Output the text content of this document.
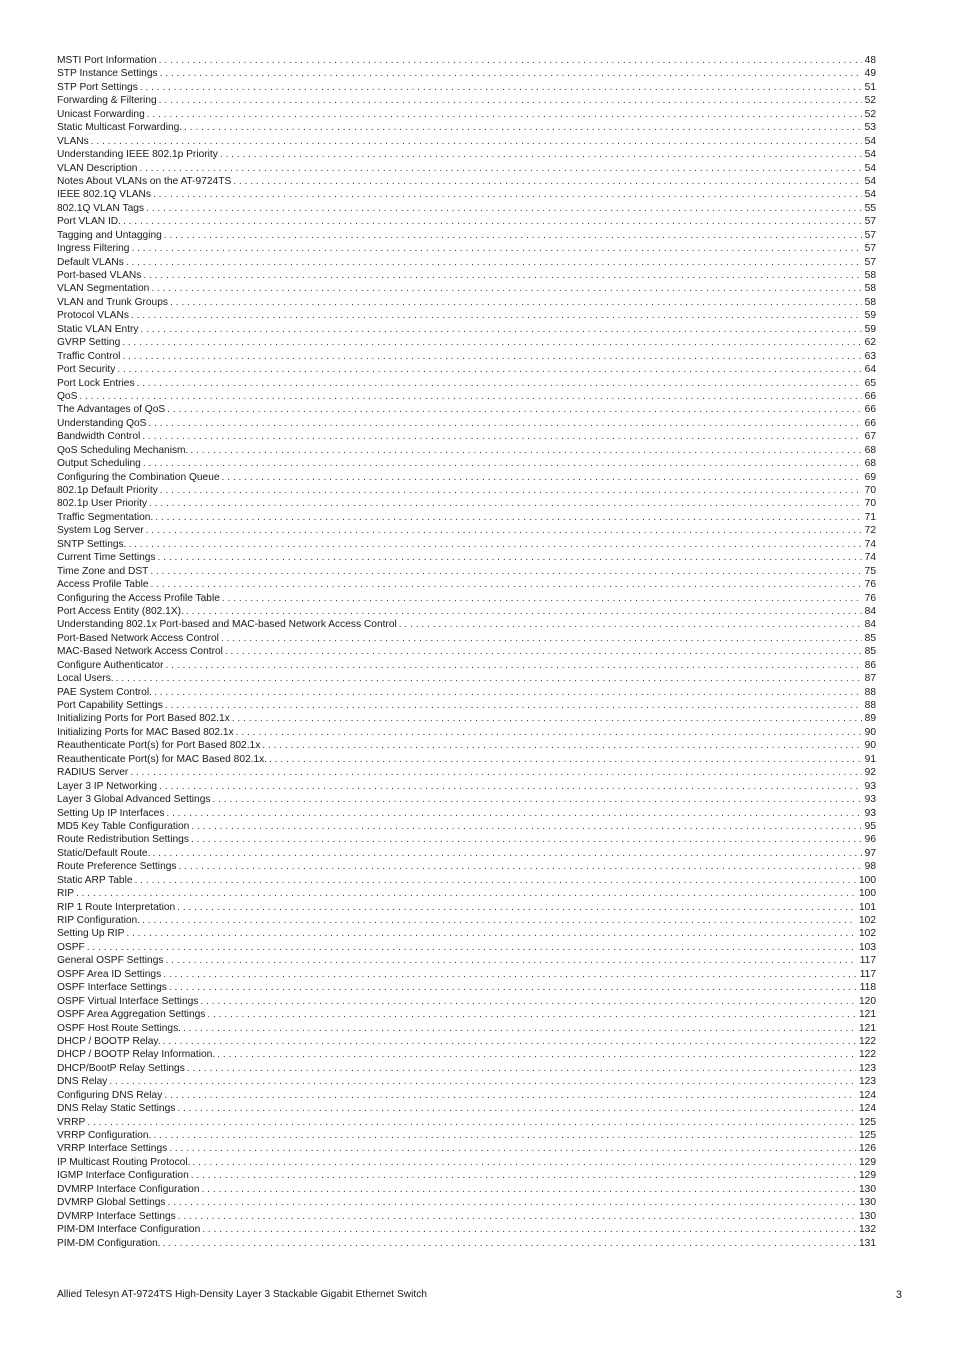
MSTI Port Information . . .	48
STP Instance Settings . . .	49
STP Port Settings . . .	51
Forwarding & Filtering . . .	52
Unicast Forwarding . . .	52
Static Multicast Forwarding. . . .	53
VLANs . . .	54
Understanding IEEE 802.1p Priority . . .	54
VLAN Description . . .	54
Notes About VLANs on the AT-9724TS . . .	54
IEEE 802.1Q VLANs . . .	54
802.1Q VLAN Tags . . .	55
Port VLAN ID. . . .	57
Tagging and Untagging . . .	57
Ingress Filtering . . .	57
Default VLANs . . .	57
Port-based VLANs . . .	58
VLAN Segmentation . . .	58
VLAN and Trunk Groups . . .	58
Protocol VLANs . . .	59
Static VLAN Entry . . .	59
GVRP Setting . . .	62
Traffic Control . . .	63
Port Security . . .	64
Port Lock Entries . . .	65
QoS . . .	66
The Advantages of QoS . . .	66
Understanding QoS . . .	66
Bandwidth Control . . .	67
QoS Scheduling Mechanism. . . .	68
Output Scheduling . . .	68
Configuring the Combination Queue . . .	69
802.1p Default Priority . . .	70
802.1p User Priority . . .	70
Traffic Segmentation. . . .	71
System Log Server . . .	72
SNTP Settings. . . .	74
Current Time Settings . . .	74
Time Zone and DST . . .	75
Access Profile Table . . .	76
Configuring the Access Profile Table . . .	76
Port Access Entity (802.1X). . . .	84
Understanding 802.1x Port-based and MAC-based Network Access Control . . .	84
Port-Based Network Access Control . . .	85
MAC-Based Network Access Control . . .	85
Configure Authenticator . . .	86
Local Users. . . .	87
PAE System Control. . . .	88
Port Capability Settings . . .	88
Initializing Ports for Port Based 802.1x . . .	89
Initializing Ports for MAC Based 802.1x . . .	90
Reauthenticate Port(s) for Port Based 802.1x . . .	90
Reauthenticate Port(s) for MAC Based 802.1x. . . .	91
RADIUS Server . . .	92
Layer 3 IP Networking . . .	93
Layer 3 Global Advanced Settings . . .	93
Setting Up IP Interfaces . . .	93
MD5 Key Table Configuration . . .	95
Route Redistribution Settings . . .	96
Static/Default Route. . . .	97
Route Preference Settings . . .	98
Static ARP Table . . .	100
RIP . . .	100
RIP 1 Route Interpretation . . .	101
RIP Configuration. . . .	102
Setting Up RIP . . .	102
OSPF . . .	103
General OSPF Settings . . .	117
OSPF Area ID Settings . . .	117
OSPF Interface Settings . . .	118
OSPF Virtual Interface Settings . . .	120
OSPF Area Aggregation Settings . . .	121
OSPF Host Route Settings. . . .	121
DHCP / BOOTP Relay. . . .	122
DHCP / BOOTP Relay Information. . . .	122
DHCP/BootP Relay Settings . . .	123
DNS Relay . . .	123
Configuring DNS Relay . . .	124
DNS Relay Static Settings . . .	124
VRRP . . .	125
VRRP Configuration. . . .	125
VRRP Interface Settings . . .	126
IP Multicast Routing Protocol. . . .	129
IGMP Interface Configuration . . .	129
DVMRP Interface Configuration . . .	130
DVMRP Global Settings . . .	130
DVMRP Interface Settings . . .	130
PIM-DM Interface Configuration . . .	132
PIM-DM Configuration. . . .	131
Allied Telesyn AT-9724TS High-Density Layer 3 Stackable Gigabit Ethernet Switch	3
